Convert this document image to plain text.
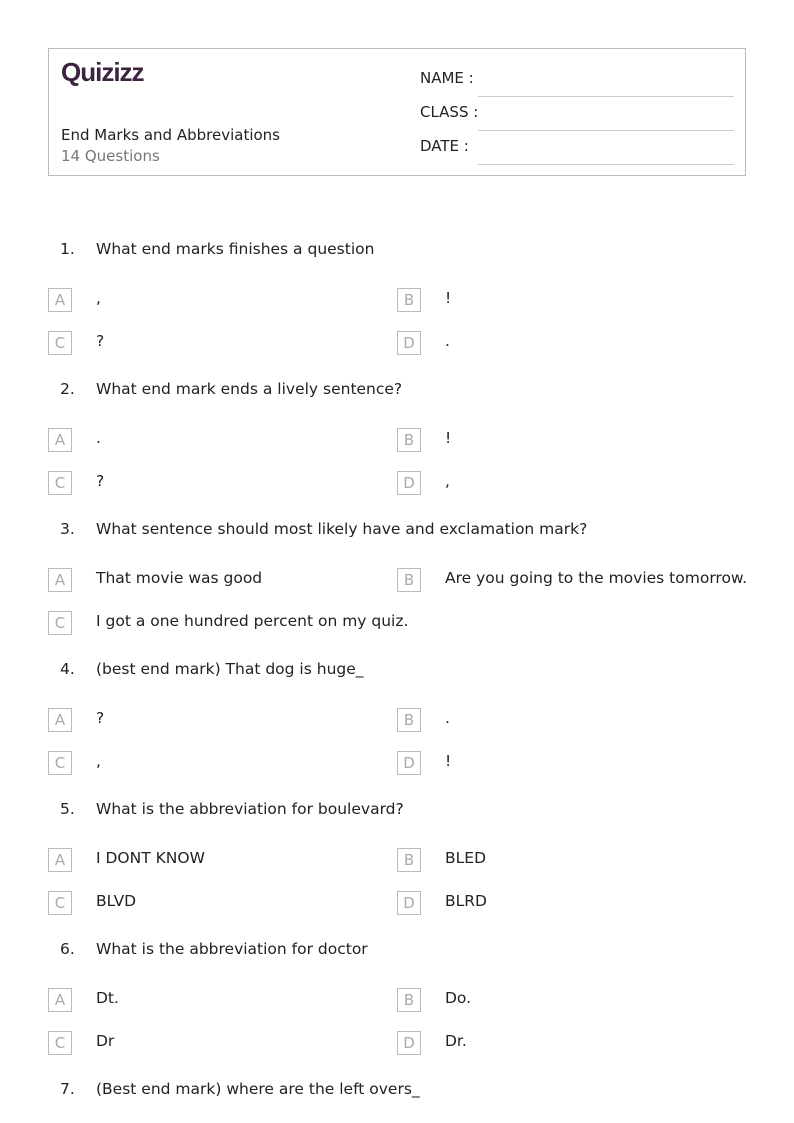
Quizizz
End Marks and Abbreviations
14 Questions
NAME :
CLASS :
DATE :
1. What end marks finishes a question
A	,	B	!
C	?	D	.
2. What end mark ends a lively sentence?
A	.	B	!
C	?	D	,
3. What sentence should most likely have and exclamation mark?
A	That movie was good	B	Are you going to the movies tomorrow.
C	I got a one hundred percent on my quiz.
4. (best end mark) That dog is huge_
A	?	B	.
C	,	D	!
5. What is the abbreviation for boulevard?
A	I DONT KNOW	B	BLED
C	BLVD	D	BLRD
6. What is the abbreviation for doctor
A	Dt.	B	Do.
C	Dr	D	Dr.
7. (Best end mark) where are the left overs_
